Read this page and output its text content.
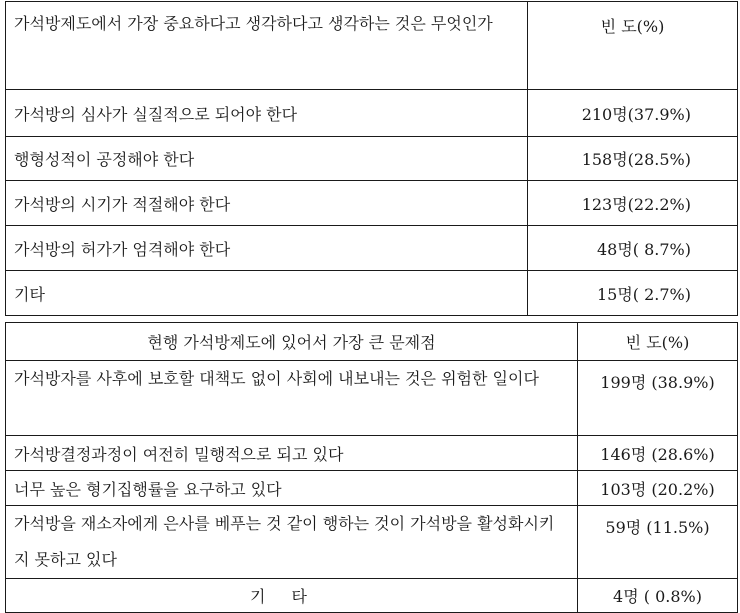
가석방제도에서 가장 중요하다고 생각하다고 생각하는 것은 무엇인가	빈 도(%)
가석방의 심사가 실질적으로 되어야 한다	210명(37.9%)
행형성적이 공정해야 한다	158명(28.5%)
가석방의 시기가 적절해야 한다	123명(22.2%)
가석방의 허가가 엄격해야 한다	48명( 8.7%)
기타	15명( 2.7%)
현행 가석방제도에 있어서 가장 큰 문제점	빈 도(%)
가석방자를 사후에 보호할 대책도 없이 사회에 내보내는 것은 위험한 일이다	199명 (38.9%)
가석방결정과정이 여전히 밀행적으로 되고 있다	146명 (28.6%)
너무 높은 형기집행률을 요구하고 있다	103명 (20.2%)
가석방을 재소자에게 은사를 베푸는 것 같이 행하는 것이 가석방을 활성화시키지 못하고 있다	59명 (11.5%)
기타	4명 ( 0.8%)
